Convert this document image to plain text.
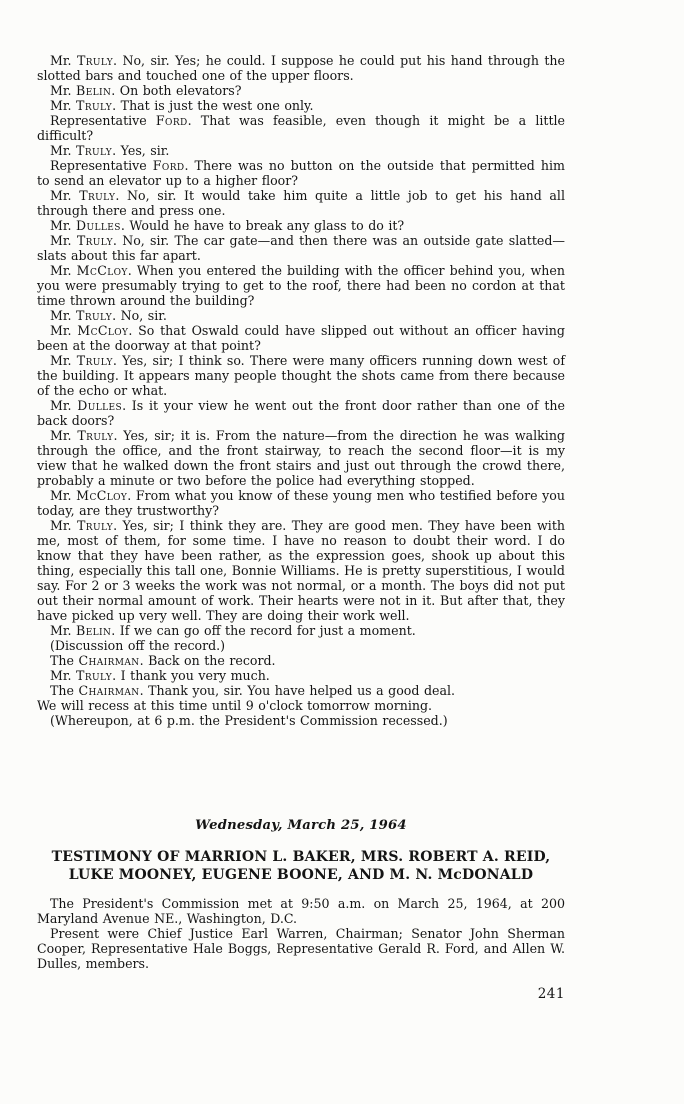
Mr. Truly. No, sir. Yes; he could. I suppose he could put his hand through the slotted bars and touched one of the upper floors.

Mr. Belin. On both elevators?

Mr. Truly. That is just the west one only.

Representative Ford. That was feasible, even though it might be a little difficult?

Mr. Truly. Yes, sir.

Representative Ford. There was no button on the outside that permitted him to send an elevator up to a higher floor?

Mr. Truly. No, sir. It would take him quite a little job to get his hand all through there and press one.

Mr. Dulles. Would he have to break any glass to do it?

Mr. Truly. No, sir. The car gate—and then there was an outside gate slatted—slats about this far apart.

Mr. McCloy. When you entered the building with the officer behind you, when you were presumably trying to get to the roof, there had been no cordon at that time thrown around the building?

Mr. Truly. No, sir.

Mr. McCloy. So that Oswald could have slipped out without an officer having been at the doorway at that point?

Mr. Truly. Yes, sir; I think so. There were many officers running down west of the building. It appears many people thought the shots came from there because of the echo or what.

Mr. Dulles. Is it your view he went out the front door rather than one of the back doors?

Mr. Truly. Yes, sir; it is. From the nature—from the direction he was walking through the office, and the front stairway, to reach the second floor—it is my view that he walked down the front stairs and just out through the crowd there, probably a minute or two before the police had everything stopped.

Mr. McCloy. From what you know of these young men who testified before you today, are they trustworthy?

Mr. Truly. Yes, sir; I think they are. They are good men. They have been with me, most of them, for some time. I have no reason to doubt their word. I do know that they have been rather, as the expression goes, shook up about this thing, especially this tall one, Bonnie Williams. He is pretty superstitious, I would say. For 2 or 3 weeks the work was not normal, or a month. The boys did not put out their normal amount of work. Their hearts were not in it. But after that, they have picked up very well. They are doing their work well.

Mr. Belin. If we can go off the record for just a moment.

(Discussion off the record.)

The Chairman. Back on the record.

Mr. Truly. I thank you very much.

The Chairman. Thank you, sir. You have helped us a good deal.

We will recess at this time until 9 o'clock tomorrow morning.

(Whereupon, at 6 p.m. the President's Commission recessed.)

Wednesday, March 25, 1964

TESTIMONY OF MARRION L. BAKER, MRS. ROBERT A. REID, LUKE MOONEY, EUGENE BOONE, AND M. N. McDONALD

The President's Commission met at 9:50 a.m. on March 25, 1964, at 200 Maryland Avenue NE., Washington, D.C.

Present were Chief Justice Earl Warren, Chairman; Senator John Sherman Cooper, Representative Hale Boggs, Representative Gerald R. Ford, and Allen W. Dulles, members.

241
